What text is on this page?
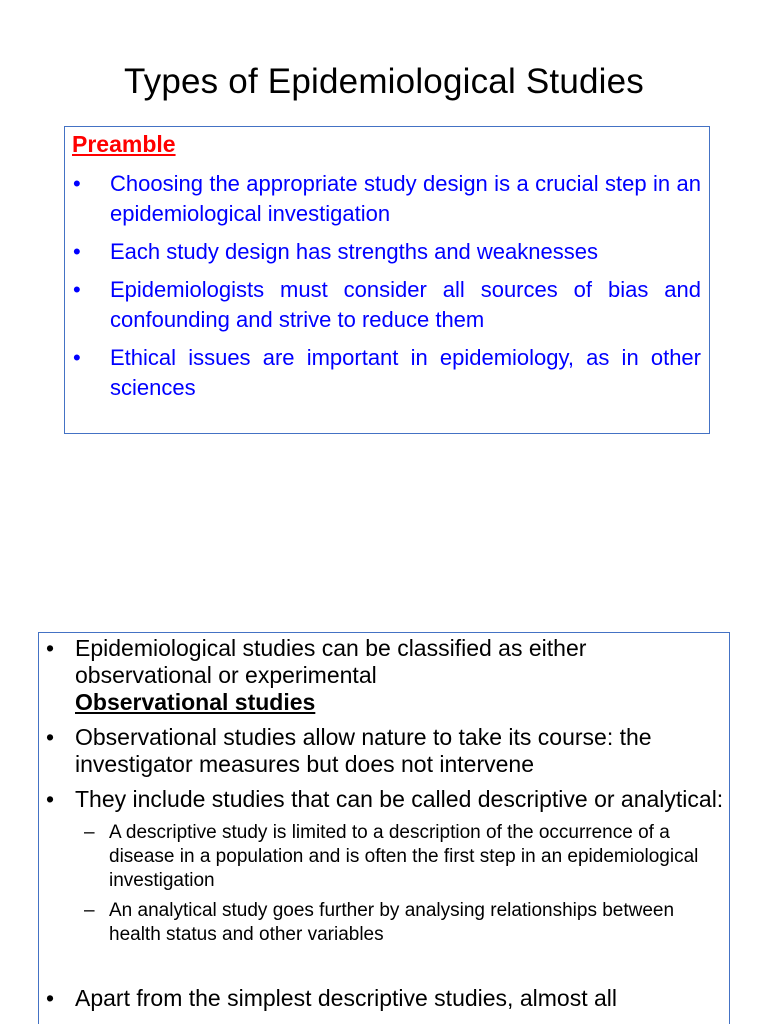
Types of Epidemiological Studies
Preamble
• Choosing the appropriate study design is a crucial step in an epidemiological investigation
• Each study design has strengths and weaknesses
• Epidemiologists must consider all sources of bias and confounding and strive to reduce them
• Ethical issues are important in epidemiology, as in other sciences
• Epidemiological studies can be classified as either observational or experimental
Observational studies
• Observational studies allow nature to take its course: the investigator measures but does not intervene
• They include studies that can be called descriptive or analytical:
– A descriptive study is limited to a description of the occurrence of a disease in a population and is often the first step in an epidemiological investigation
– An analytical study goes further by analysing relationships between health status and other variables
• Apart from the simplest descriptive studies, almost all
